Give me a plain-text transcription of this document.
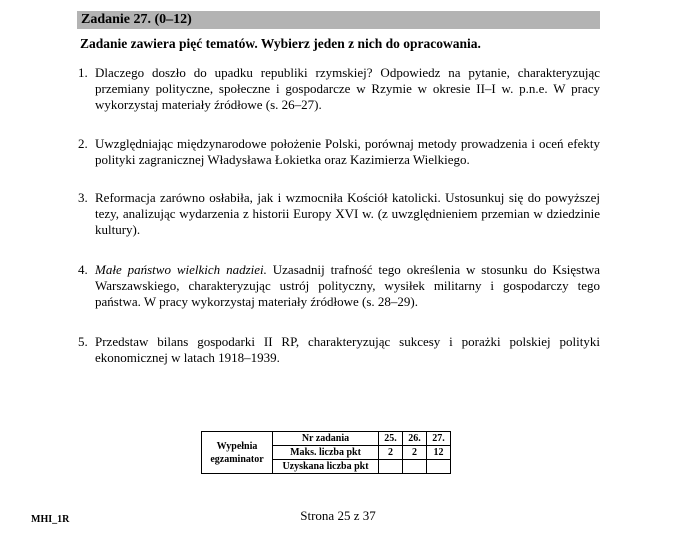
Zadanie 27. (0–12)
Zadanie zawiera pięć tematów. Wybierz jeden z nich do opracowania.
1. Dlaczego doszło do upadku republiki rzymskiej? Odpowiedz na pytanie, charakteryzując przemiany polityczne, społeczne i gospodarcze w Rzymie w okresie II–I w. p.n.e. W pracy wykorzystaj materiały źródłowe (s. 26–27).
2. Uwzględniając międzynarodowe położenie Polski, porównaj metody prowadzenia i oceń efekty polityki zagranicznej Władysława Łokietka oraz Kazimierza Wielkiego.
3. Reformacja zarówno osłabiła, jak i wzmocniła Kościół katolicki. Ustosunkuj się do powyższej tezy, analizując wydarzenia z historii Europy XVI w. (z uwzględnieniem przemian w dziedzinie kultury).
4. Małe państwo wielkich nadziei. Uzasadnij trafność tego określenia w stosunku do Księstwa Warszawskiego, charakteryzując ustrój polityczny, wysiłek militarny i gospodarczy tego państwa. W pracy wykorzystaj materiały źródłowe (s. 28–29).
5. Przedstaw bilans gospodarki II RP, charakteryzując sukcesy i porażki polskiej polityki ekonomicznej w latach 1918–1939.
Wypełnia egzaminator	Nr zadania	25.	26.	27.
	Maks. liczba pkt	2	2	12
	Uzyskana liczba pkt			
MHI_1R	Strona 25 z 37
